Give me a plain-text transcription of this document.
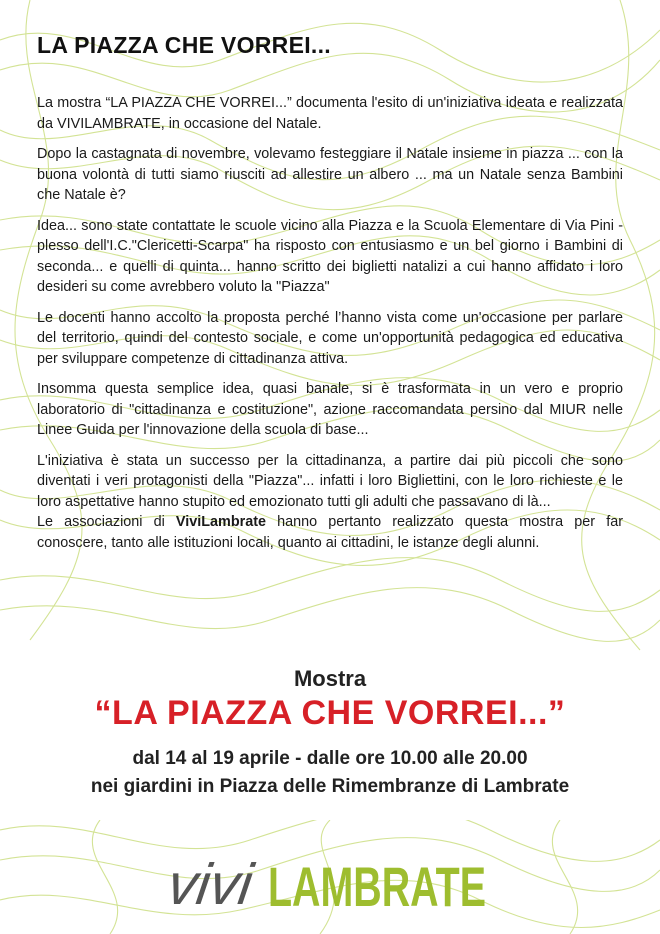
LA PIAZZA CHE VORREI...

La mostra “LA PIAZZA CHE VORREI...” documenta l'esito di un'iniziativa ideata e realizzata da VIVILAMBRATE, in occasione del Natale.

Dopo la castagnata di novembre, volevamo festeggiare il Natale insieme in piazza ... con la buona volontà di tutti siamo riusciti ad allestire un albero ... ma un Natale senza Bambini che Natale è?

Idea... sono state contattate le scuole vicino alla Piazza e la Scuola Elementare di Via Pini - plesso dell'I.C."Clericetti-Scarpa" ha risposto con entusiasmo e un bel giorno i Bambini di seconda... e quelli di quinta... hanno scritto dei biglietti natalizi a cui hanno affidato i loro desideri su come avrebbero voluto la "Piazza"

Le docenti hanno accolto la proposta perché l’hanno vista come un'occasione per parlare del territorio, quindi del contesto sociale, e come un'opportunità pedagogica ed educativa per sviluppare competenze di cittadinanza attiva.

Insomma questa semplice idea, quasi banale, si è trasformata in un vero e proprio laboratorio di "cittadinanza e costituzione", azione raccomandata persino dal MIUR nelle Linee Guida per l'innovazione della scuola di base...

L'iniziativa è stata un successo per la cittadinanza, a partire dai più piccoli che sono diventati i veri protagonisti della "Piazza"... infatti i loro Bigliettini, con le loro richieste e le loro aspettative hanno stupito ed emozionato tutti gli adulti che passavano di là...

Le associazioni di ViviLambrate hanno pertanto realizzato questa mostra per far conoscere, tanto alle istituzioni locali, quanto ai cittadini, le istanze degli alunni.

Mostra
“LA PIAZZA CHE VORREI...”
dal 14 al 19 aprile - dalle ore 10.00 alle 20.00
nei giardini in Piazza delle Rimembranze di Lambrate
vivi LAMBRATE
